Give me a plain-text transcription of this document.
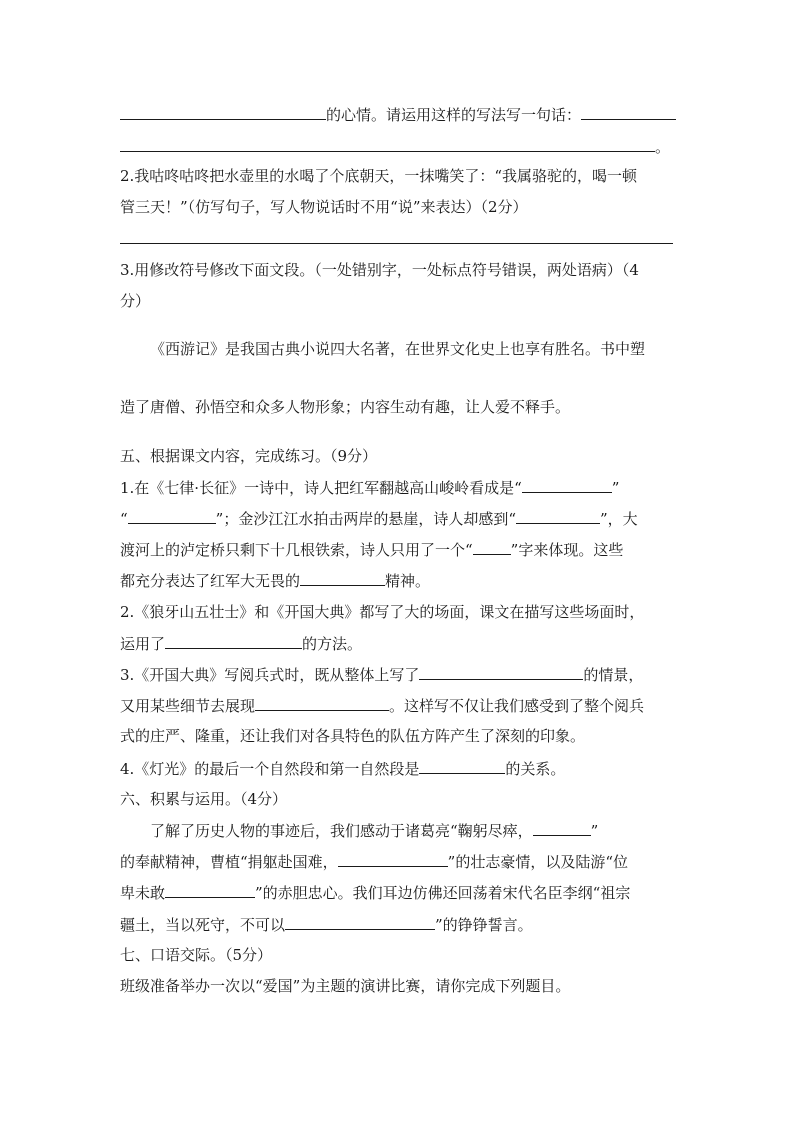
的心情。请运用这样的写法写一句话：
。
2.我咕咚咕咚把水壶里的水喝了个底朝天，一抹嘴笑了：“我属骆驼的，喝一顿
管三天！”（仿写句子，写人物说话时不用“说”来表达）（2分）
3.用修改符号修改下面文段。（一处错别字，一处标点符号错误，两处语病）（4
分）
《西游记》是我国古典小说四大名著，在世界文化史上也享有胜名。书中塑
造了唐僧、孙悟空和众多人物形象；内容生动有趣，让人爱不释手。
五、根据课文内容，完成练习。（9分）
1.在《七律·长征》一诗中，诗人把红军翻越高山峻岭看成是“	”
“	”；金沙江江水拍击两岸的悬崖，诗人却感到“	”，大
渡河上的泸定桥只剩下十几根铁索，诗人只用了一个“	”字来体现。这些
都充分表达了红军大无畏的	精神。
2.《狼牙山五壮士》和《开国大典》都写了大的场面，课文在描写这些场面时，
运用了	的方法。
3.《开国大典》写阅兵式时，既从整体上写了	的情景，
又用某些细节去展现	。这样写不仅让我们感受到了整个阅兵
式的庄严、隆重，还让我们对各具特色的队伍方阵产生了深刻的印象。
4.《灯光》的最后一个自然段和第一自然段是	的关系。
六、积累与运用。（4分）
了解了历史人物的事迹后，我们感动于诸葛亮“鞠躬尽瘁，	”
的奉献精神，曹植“捐躯赴国难，	”的壮志豪情，以及陆游“位
卑未敢	”的赤胆忠心。我们耳边仿佛还回荡着宋代名臣李纲“祖宗
疆土，当以死守，不可以	”的铮铮誓言。
七、口语交际。（5分）
班级准备举办一次以“爱国”为主题的演讲比赛，请你完成下列题目。
